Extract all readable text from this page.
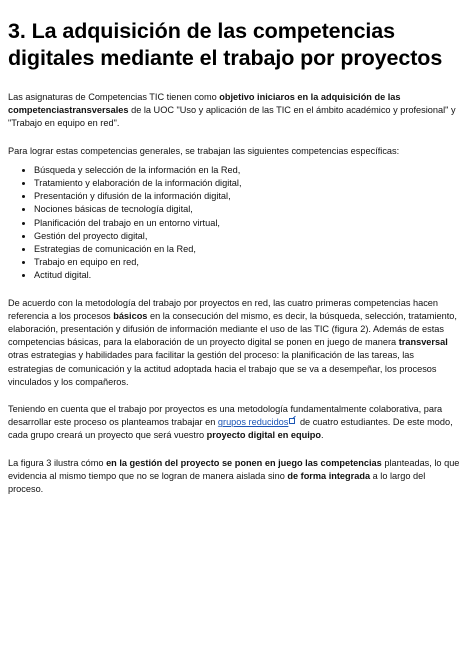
3. La adquisición de las competencias
digitales mediante el trabajo por proyectos

Las asignaturas de Competencias TIC tienen como objetivo iniciaros en la adquisición de las competenciastransversales de la UOC "Uso y aplicación de las TIC en el ámbito académico y profesional" y "Trabajo en equipo en red".

Para lograr estas competencias generales, se trabajan las siguientes competencias específicas:

• Búsqueda y selección de la información en la Red,
• Tratamiento y elaboración de la información digital,
• Presentación y difusión de la información digital,
• Nociones básicas de tecnología digital,
• Planificación del trabajo en un entorno virtual,
• Gestión del proyecto digital,
• Estrategias de comunicación en la Red,
• Trabajo en equipo en red,
• Actitud digital.

De acuerdo con la metodología del trabajo por proyectos en red, las cuatro primeras competencias hacen referencia a los procesos básicos en la consecución del mismo, es decir, la búsqueda, selección, tratamiento, elaboración, presentación y difusión de información mediante el uso de las TIC (figura 2). Además de estas competencias básicas, para la elaboración de un proyecto digital se ponen en juego de manera transversal otras estrategias y habilidades para facilitar la gestión del proceso: la planificación de las tareas, las estrategias de comunicación y la actitud adoptada hacia el trabajo que se va a desempeñar, los procesos vinculados y los compañeros.

Teniendo en cuenta que el trabajo por proyectos es una metodología fundamentalmente colaborativa, para desarrollar este proceso os planteamos trabajar en grupos reducidos de cuatro estudiantes. De este modo, cada grupo creará un proyecto que será vuestro proyecto digital en equipo.

La figura 3 ilustra cómo en la gestión del proyecto se ponen en juego las competencias planteadas, lo que evidencia al mismo tiempo que no se logran de manera aislada sino de forma integrada a lo largo del proceso.
